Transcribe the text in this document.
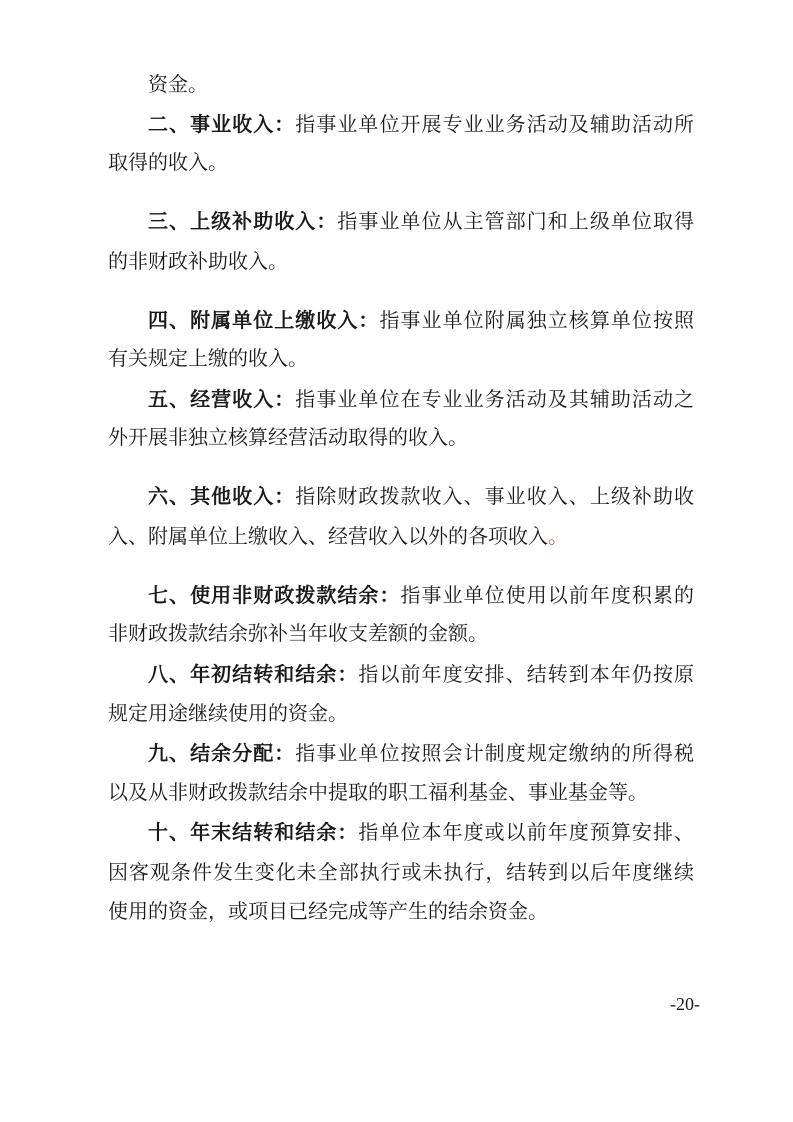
资金。
二、事业收入：指事业单位开展专业业务活动及辅助活动所
取得的收入。
三、上级补助收入：指事业单位从主管部门和上级单位取得
的非财政补助收入。
四、附属单位上缴收入：指事业单位附属独立核算单位按照
有关规定上缴的收入。
五、经营收入：指事业单位在专业业务活动及其辅助活动之
外开展非独立核算经营活动取得的收入。
六、其他收入：指除财政拨款收入、事业收入、上级补助收
入、附属单位上缴收入、经营收入以外的各项收入。
七、使用非财政拨款结余：指事业单位使用以前年度积累的
非财政拨款结余弥补当年收支差额的金额。
八、年初结转和结余：指以前年度安排、结转到本年仍按原
规定用途继续使用的资金。
九、结余分配：指事业单位按照会计制度规定缴纳的所得税
以及从非财政拨款结余中提取的职工福利基金、事业基金等。
十、年末结转和结余：指单位本年度或以前年度预算安排、
因客观条件发生变化未全部执行或未执行，结转到以后年度继续
使用的资金，或项目已经完成等产生的结余资金。
-20-
